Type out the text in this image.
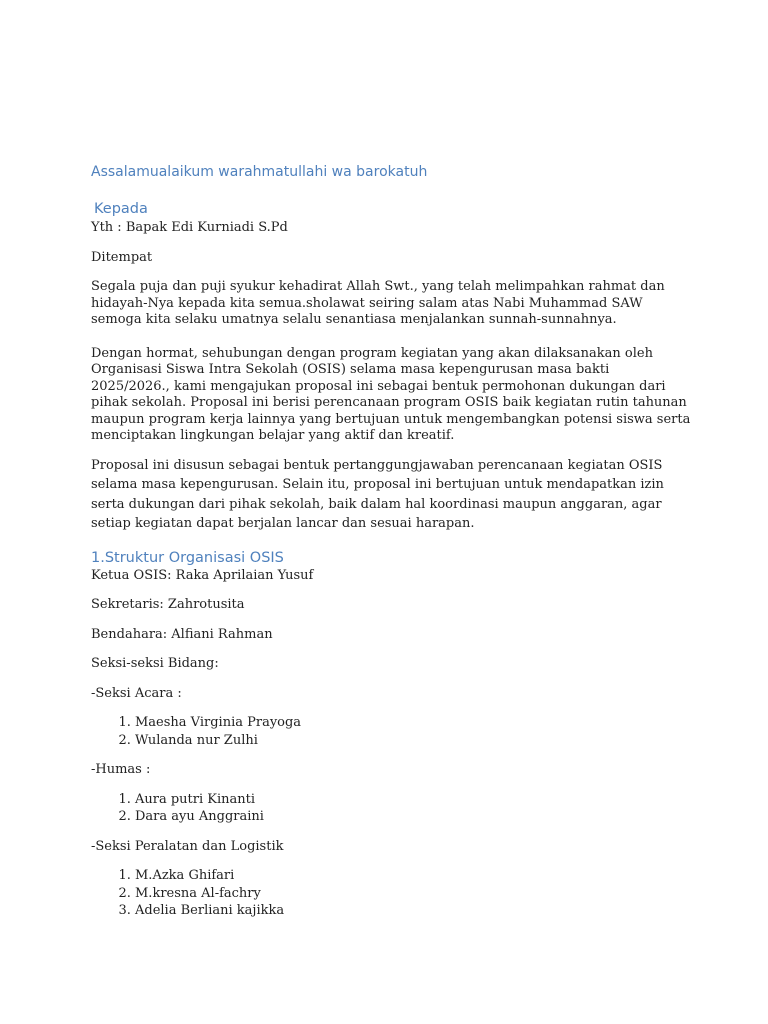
Assalamualaikum warahmatullahi wa barokatuh
Kepada

Yth : Bapak Edi Kurniadi S.Pd

Ditempat

Segala puja dan puji syukur kehadirat Allah Swt., yang telah melimpahkan rahmat dan hidayah-Nya kepada kita semua.sholawat seiring salam atas Nabi Muhammad SAW semoga kita selaku umatnya selalu senantiasa menjalankan sunnah-sunnahnya.

Dengan hormat, sehubungan dengan program kegiatan yang akan dilaksanakan oleh Organisasi Siswa Intra Sekolah (OSIS) selama masa kepengurusan masa bakti 2025/2026., kami mengajukan proposal ini sebagai bentuk permohonan dukungan dari pihak sekolah. Proposal ini berisi perencanaan program OSIS baik kegiatan rutin tahunan maupun program kerja lainnya yang bertujuan untuk mengembangkan potensi siswa serta menciptakan lingkungan belajar yang aktif dan kreatif.

Proposal ini disusun sebagai bentuk pertanggungjawaban perencanaan kegiatan OSIS selama masa kepengurusan. Selain itu, proposal ini bertujuan untuk mendapatkan izin serta dukungan dari pihak sekolah, baik dalam hal koordinasi maupun anggaran, agar setiap kegiatan dapat berjalan lancar dan sesuai harapan.

1.Struktur Organisasi OSIS

Ketua OSIS: Raka Aprilaian Yusuf

Sekretaris: Zahrotusita

Bendahara: Alfiani Rahman

Seksi-seksi Bidang:

-Seksi Acara :

1. Maesha Virginia Prayoga
2. Wulanda nur Zulhi

-Humas :

1. Aura putri Kinanti
2. Dara ayu Anggraini

-Seksi Peralatan dan Logistik

1. M.Azka Ghifari
2. M.kresna Al-fachry
3. Adelia Berliani kajikka
